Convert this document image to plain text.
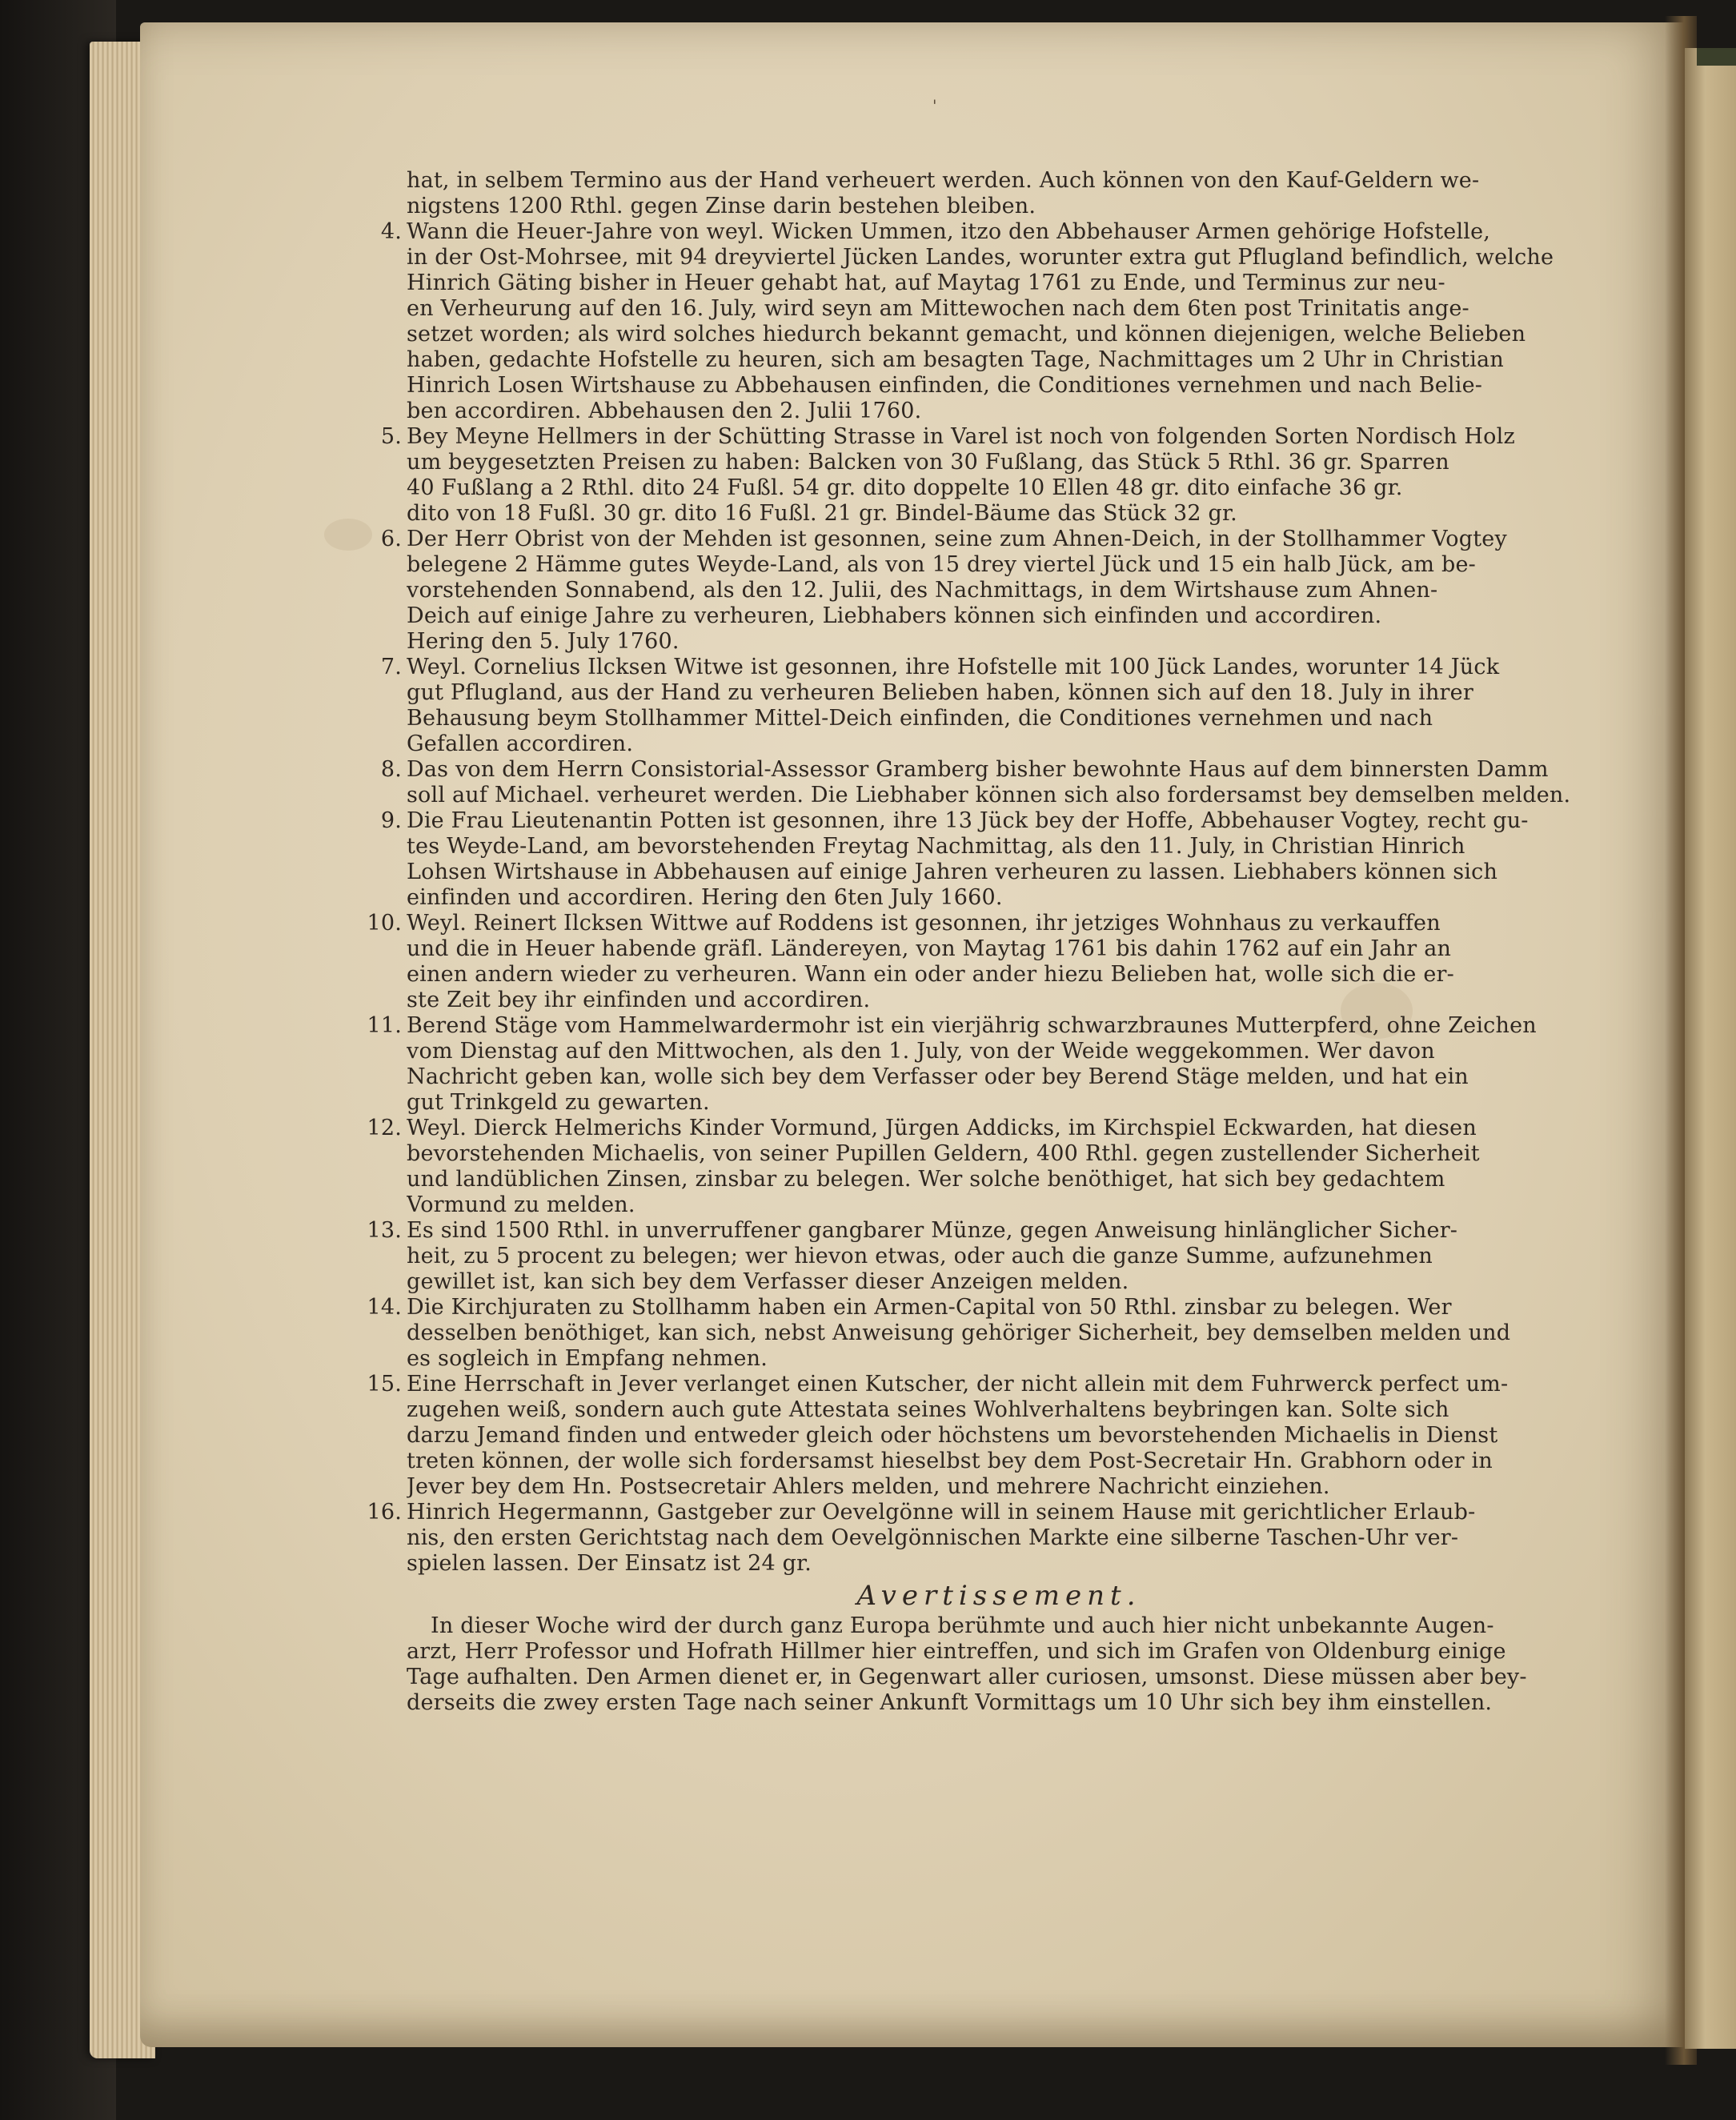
'
hat, in selbem Termino aus der Hand verheuert werden. Auch können von den Kauf-Geldern we-
nigstens 1200 Rthl. gegen Zinse darin bestehen bleiben.
4. Wann die Heuer-Jahre von weyl. Wicken Ummen, itzo den Abbehauser Armen gehörige Hofstelle,
in der Ost-Mohrsee, mit 94 dreyviertel Jücken Landes, worunter extra gut Pflugland befindlich, welche
Hinrich Gäting bisher in Heuer gehabt hat, auf Maytag 1761 zu Ende, und Terminus zur neu-
en Verheurung auf den 16. July, wird seyn am Mittewochen nach dem 6ten post Trinitatis ange-
setzet worden; als wird solches hiedurch bekannt gemacht, und können diejenigen, welche Belieben
haben, gedachte Hofstelle zu heuren, sich am besagten Tage, Nachmittages um 2 Uhr in Christian
Hinrich Losen Wirtshause zu Abbehausen einfinden, die Conditiones vernehmen und nach Belie-
ben accordiren. Abbehausen den 2. Julii 1760.
5. Bey Meyne Hellmers in der Schütting Strasse in Varel ist noch von folgenden Sorten Nordisch Holz
um beygesetzten Preisen zu haben: Balcken von 30 Fußlang, das Stück 5 Rthl. 36 gr. Sparren
40 Fußlang a 2 Rthl. dito 24 Fußl. 54 gr. dito doppelte 10 Ellen 48 gr. dito einfache 36 gr.
dito von 18 Fußl. 30 gr. dito 16 Fußl. 21 gr. Bindel-Bäume das Stück 32 gr.
6. Der Herr Obrist von der Mehden ist gesonnen, seine zum Ahnen-Deich, in der Stollhammer Vogtey
belegene 2 Hämme gutes Weyde-Land, als von 15 drey viertel Jück und 15 ein halb Jück, am be-
vorstehenden Sonnabend, als den 12. Julii, des Nachmittags, in dem Wirtshause zum Ahnen-
Deich auf einige Jahre zu verheuren, Liebhabers können sich einfinden und accordiren.
Hering den 5. July 1760.
7. Weyl. Cornelius Ilcksen Witwe ist gesonnen, ihre Hofstelle mit 100 Jück Landes, worunter 14 Jück
gut Pflugland, aus der Hand zu verheuren Belieben haben, können sich auf den 18. July in ihrer
Behausung beym Stollhammer Mittel-Deich einfinden, die Conditiones vernehmen und nach
Gefallen accordiren.
8. Das von dem Herrn Consistorial-Assessor Gramberg bisher bewohnte Haus auf dem binnersten Damm
soll auf Michael. verheuret werden. Die Liebhaber können sich also fordersamst bey demselben melden.
9. Die Frau Lieutenantin Potten ist gesonnen, ihre 13 Jück bey der Hoffe, Abbehauser Vogtey, recht gu-
tes Weyde-Land, am bevorstehenden Freytag Nachmittag, als den 11. July, in Christian Hinrich
Lohsen Wirtshause in Abbehausen auf einige Jahren verheuren zu lassen. Liebhabers können sich
einfinden und accordiren. Hering den 6ten July 1660.
10. Weyl. Reinert Ilcksen Wittwe auf Roddens ist gesonnen, ihr jetziges Wohnhaus zu verkauffen
und die in Heuer habende gräfl. Ländereyen, von Maytag 1761 bis dahin 1762 auf ein Jahr an
einen andern wieder zu verheuren. Wann ein oder ander hiezu Belieben hat, wolle sich die er-
ste Zeit bey ihr einfinden und accordiren.
11. Berend Stäge vom Hammelwardermohr ist ein vierjährig schwarzbraunes Mutterpferd, ohne Zeichen
vom Dienstag auf den Mittwochen, als den 1. July, von der Weide weggekommen. Wer davon
Nachricht geben kan, wolle sich bey dem Verfasser oder bey Berend Stäge melden, und hat ein
gut Trinkgeld zu gewarten.
12. Weyl. Dierck Helmerichs Kinder Vormund, Jürgen Addicks, im Kirchspiel Eckwarden, hat diesen
bevorstehenden Michaelis, von seiner Pupillen Geldern, 400 Rthl. gegen zustellender Sicherheit
und landüblichen Zinsen, zinsbar zu belegen. Wer solche benöthiget, hat sich bey gedachtem
Vormund zu melden.
13. Es sind 1500 Rthl. in unverruffener gangbarer Münze, gegen Anweisung hinlänglicher Sicher-
heit, zu 5 procent zu belegen; wer hievon etwas, oder auch die ganze Summe, aufzunehmen
gewillet ist, kan sich bey dem Verfasser dieser Anzeigen melden.
14. Die Kirchjuraten zu Stollhamm haben ein Armen-Capital von 50 Rthl. zinsbar zu belegen. Wer
desselben benöthiget, kan sich, nebst Anweisung gehöriger Sicherheit, bey demselben melden und
es sogleich in Empfang nehmen.
15. Eine Herrschaft in Jever verlanget einen Kutscher, der nicht allein mit dem Fuhrwerck perfect um-
zugehen weiß, sondern auch gute Attestata seines Wohlverhaltens beybringen kan. Solte sich
darzu Jemand finden und entweder gleich oder höchstens um bevorstehenden Michaelis in Dienst
treten können, der wolle sich fordersamst hieselbst bey dem Post-Secretair Hn. Grabhorn oder in
Jever bey dem Hn. Postsecretair Ahlers melden, und mehrere Nachricht einziehen.
16. Hinrich Hegermannn, Gastgeber zur Oevelgönne will in seinem Hause mit gerichtlicher Erlaub-
nis, den ersten Gerichtstag nach dem Oevelgönnischen Markte eine silberne Taschen-Uhr ver-
spielen lassen. Der Einsatz ist 24 gr.
Avertissement.
In dieser Woche wird der durch ganz Europa berühmte und auch hier nicht unbekannte Augen-
arzt, Herr Professor und Hofrath Hillmer hier eintreffen, und sich im Grafen von Oldenburg einige
Tage aufhalten. Den Armen dienet er, in Gegenwart aller curiosen, umsonst. Diese müssen aber bey-
derseits die zwey ersten Tage nach seiner Ankunft Vormittags um 10 Uhr sich bey ihm einstellen.
